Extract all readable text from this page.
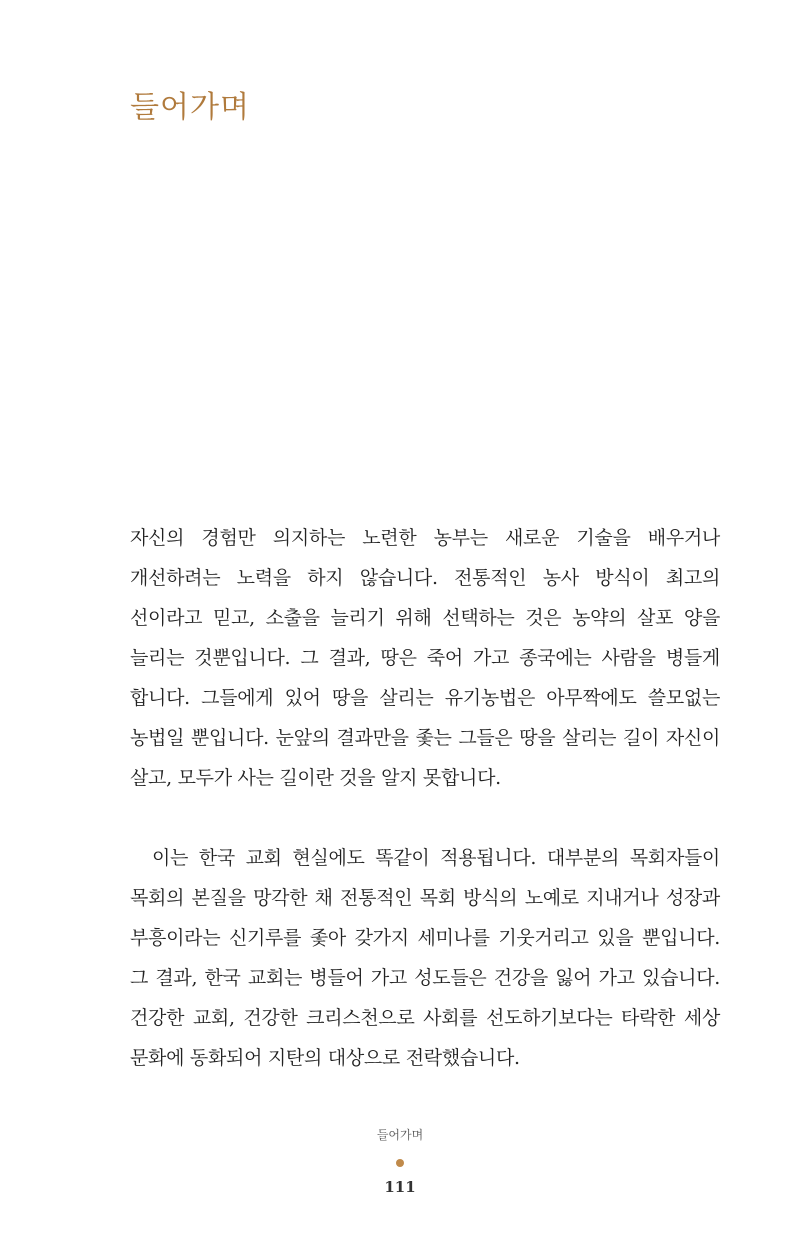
들어가며

자신의 경험만 의지하는 노련한 농부는 새로운 기술을 배우거나 개선하려는 노력을 하지 않습니다. 전통적인 농사 방식이 최고의 선이라고 믿고, 소출을 늘리기 위해 선택하는 것은 농약의 살포 양을 늘리는 것뿐입니다. 그 결과, 땅은 죽어 가고 종국에는 사람을 병들게 합니다. 그들에게 있어 땅을 살리는 유기농법은 아무짝에도 쓸모없는 농법일 뿐입니다. 눈앞의 결과만을 좇는 그들은 땅을 살리는 길이 자신이 살고, 모두가 사는 길이란 것을 알지 못합니다.

이는 한국 교회 현실에도 똑같이 적용됩니다. 대부분의 목회자들이 목회의 본질을 망각한 채 전통적인 목회 방식의 노예로 지내거나 성장과 부흥이라는 신기루를 좇아 갖가지 세미나를 기웃거리고 있을 뿐입니다. 그 결과, 한국 교회는 병들어 가고 성도들은 건강을 잃어 가고 있습니다. 건강한 교회, 건강한 크리스천으로 사회를 선도하기보다는 타락한 세상 문화에 동화되어 지탄의 대상으로 전락했습니다.

들어가며
111
